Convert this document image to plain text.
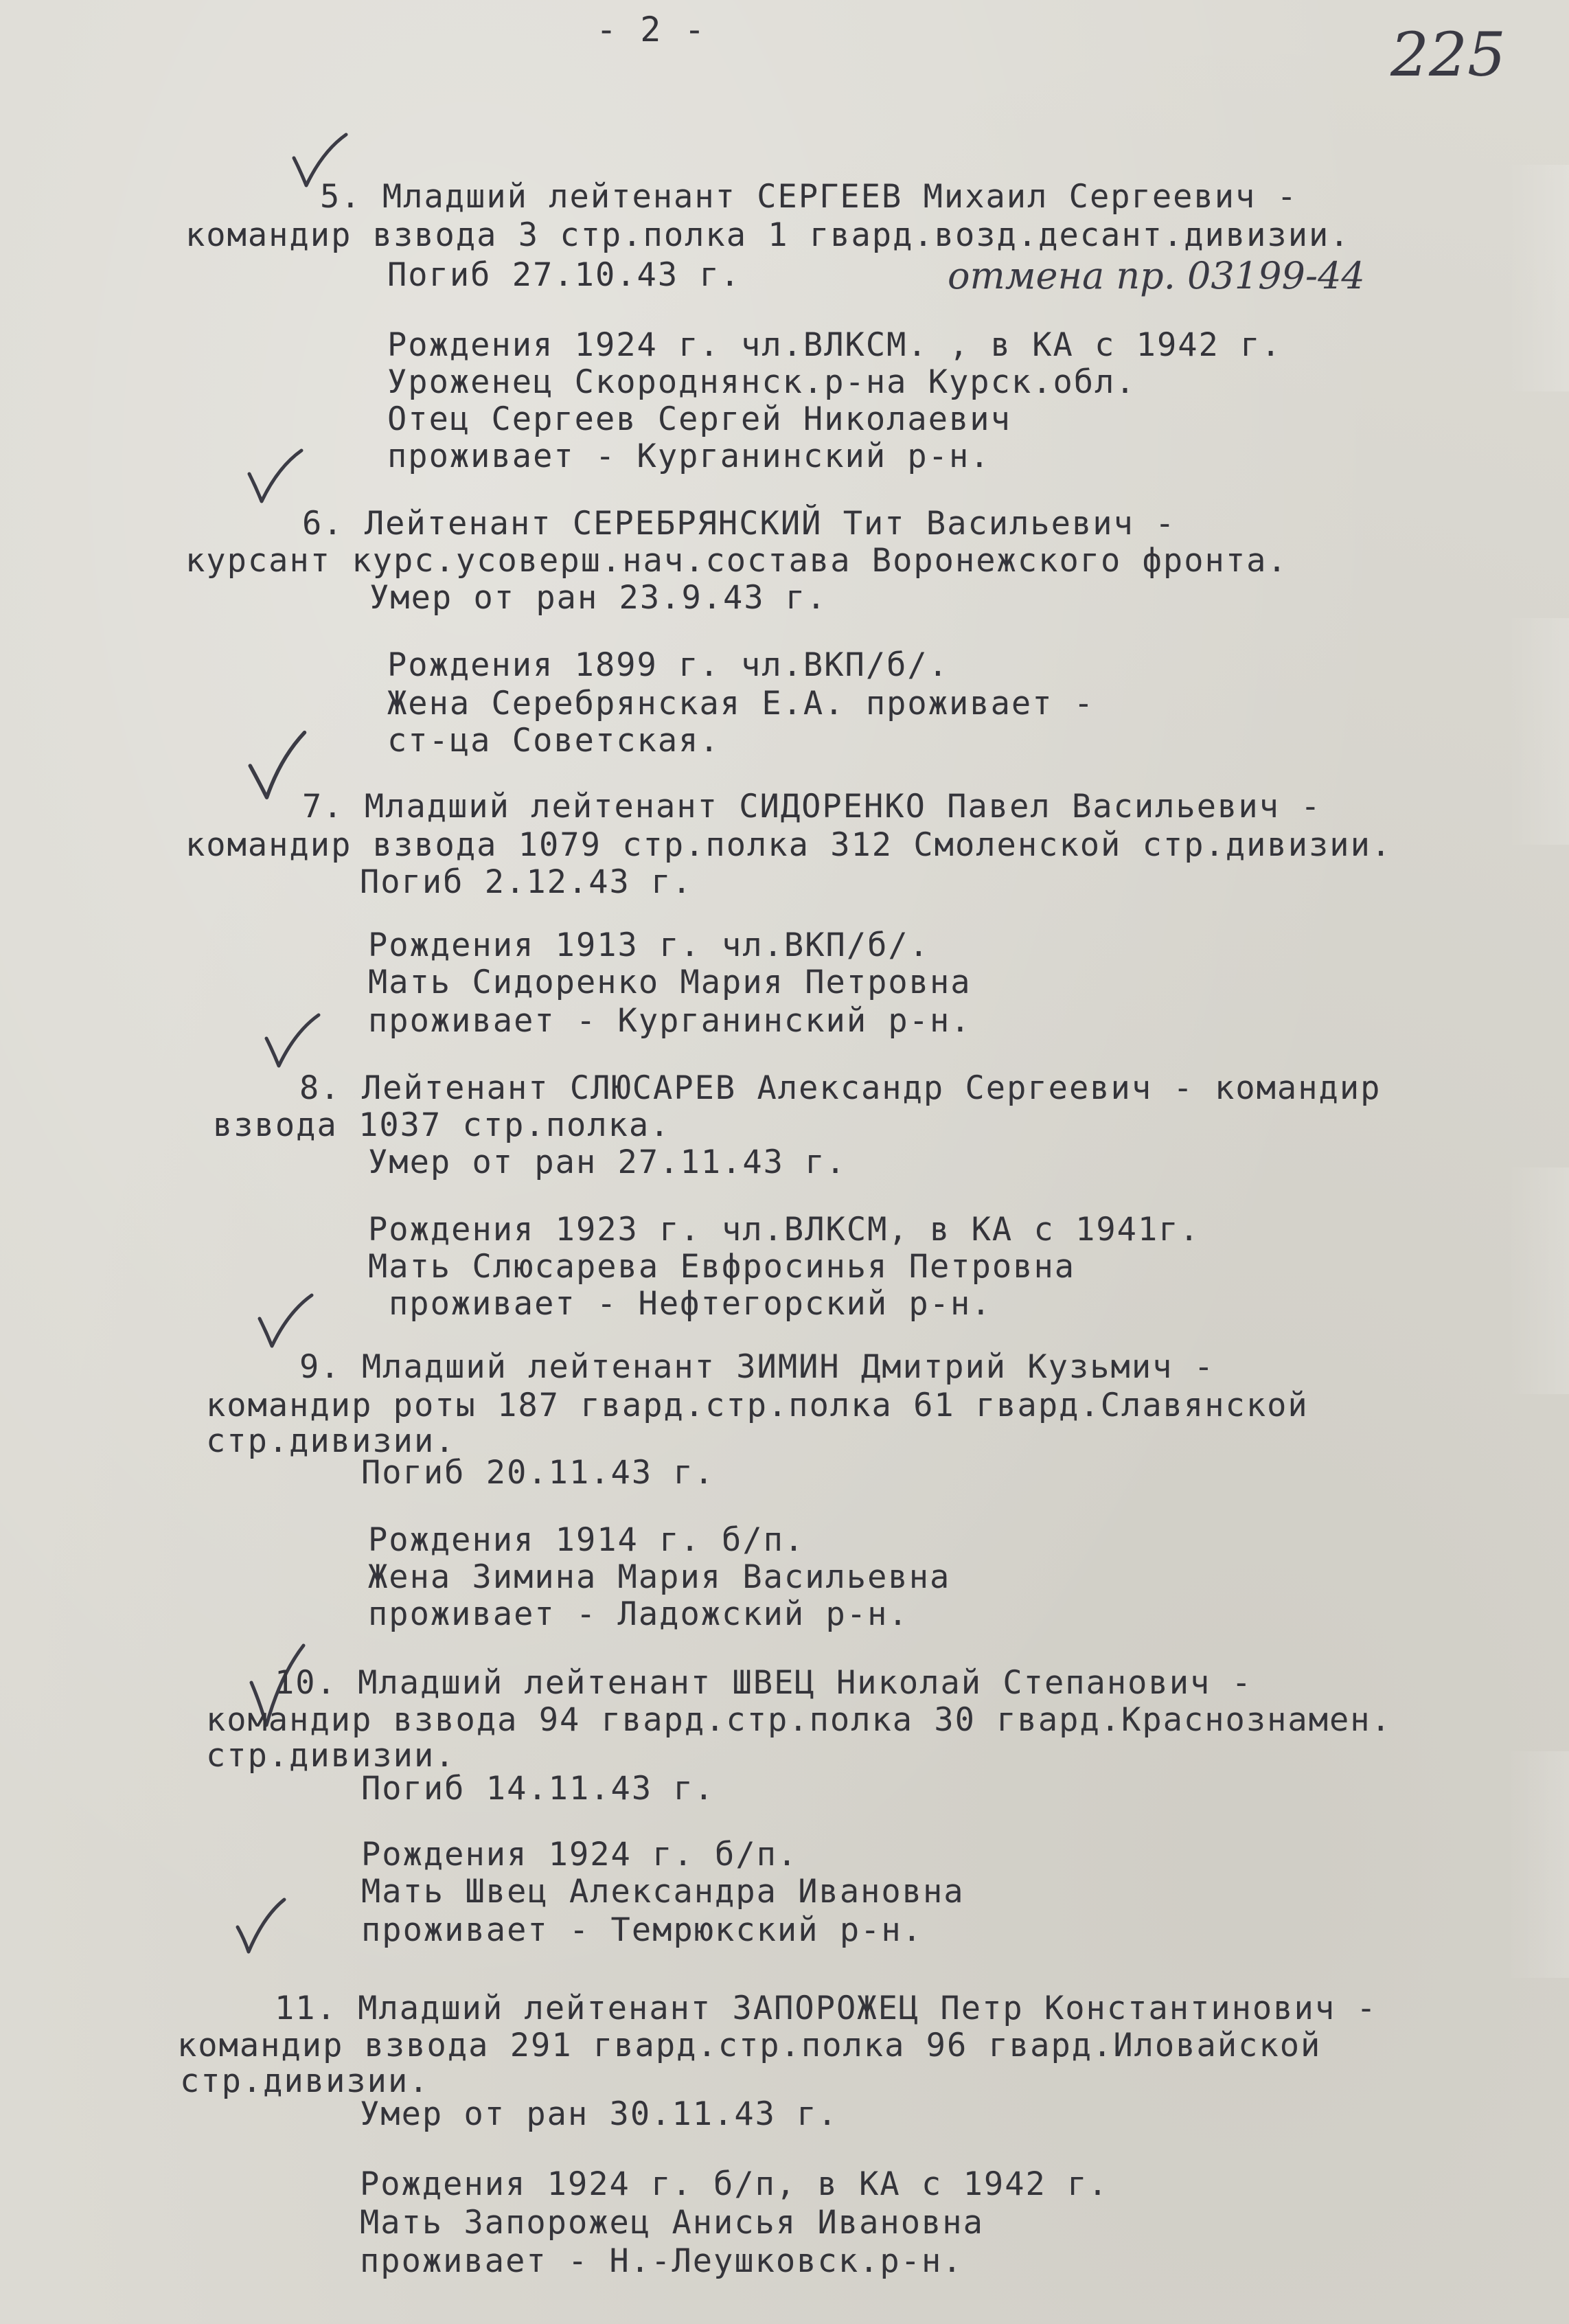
- 2 -	225
5. Младший лейтенант СЕРГЕЕВ Михаил Сергеевич -
командир взвода 3 стр.полка 1 гвард.возд.десант.дивизии.
Погиб 27.10.43 г.	отмена пр. 03199-44
Рождения 1924 г. чл.ВЛКСМ. , в КА с 1942 г.
Уроженец Скороднянск.р-на Курск.обл.
Отец Сергеев Сергей Николаевич
проживает - Курганинский р-н.
6. Лейтенант СЕРЕБРЯНСКИЙ Тит Васильевич -
курсант курс.усоверш.нач.состава Воронежского фронта.
Умер от ран 23.9.43 г.
Рождения 1899 г. чл.ВКП/б/.
Жена Серебрянская Е.А. проживает -
ст-ца Советская.
7. Младший лейтенант СИДОРЕНКО Павел Васильевич -
командир взвода 1079 стр.полка 312 Смоленской стр.дивизии.
Погиб 2.12.43 г.
Рождения 1913 г. чл.ВКП/б/.
Мать Сидоренко Мария Петровна
проживает - Курганинский р-н.
8. Лейтенант СЛЮСАРЕВ Александр Сергеевич - командир
взвода 1037 стр.полка.
Умер от ран 27.11.43 г.
Рождения 1923 г. чл.ВЛКСМ, в КА с 1941г.
Мать Слюсарева Евфросинья Петровна
проживает - Нефтегорский р-н.
9. Младший лейтенант ЗИМИН Дмитрий Кузьмич -
командир роты 187 гвард.стр.полка 61 гвард.Славянской
стр.дивизии.
Погиб 20.11.43 г.
Рождения 1914 г. б/п.
Жена Зимина Мария Васильевна
проживает - Ладожский р-н.
10. Младший лейтенант ШВЕЦ Николай Степанович -
командир взвода 94 гвард.стр.полка 30 гвард.Краснознамен.
стр.дивизии.
Погиб 14.11.43 г.
Рождения 1924 г. б/п.
Мать Швец Александра Ивановна
проживает - Темрюкский р-н.
11. Младший лейтенант ЗАПОРОЖЕЦ Петр Константинович -
командир взвода 291 гвард.стр.полка 96 гвард.Иловайской
стр.дивизии.
Умер от ран 30.11.43 г.
Рождения 1924 г. б/п, в КА с 1942 г.
Мать Запорожец Анисья Ивановна
проживает - Н.-Леушковск.р-н.
